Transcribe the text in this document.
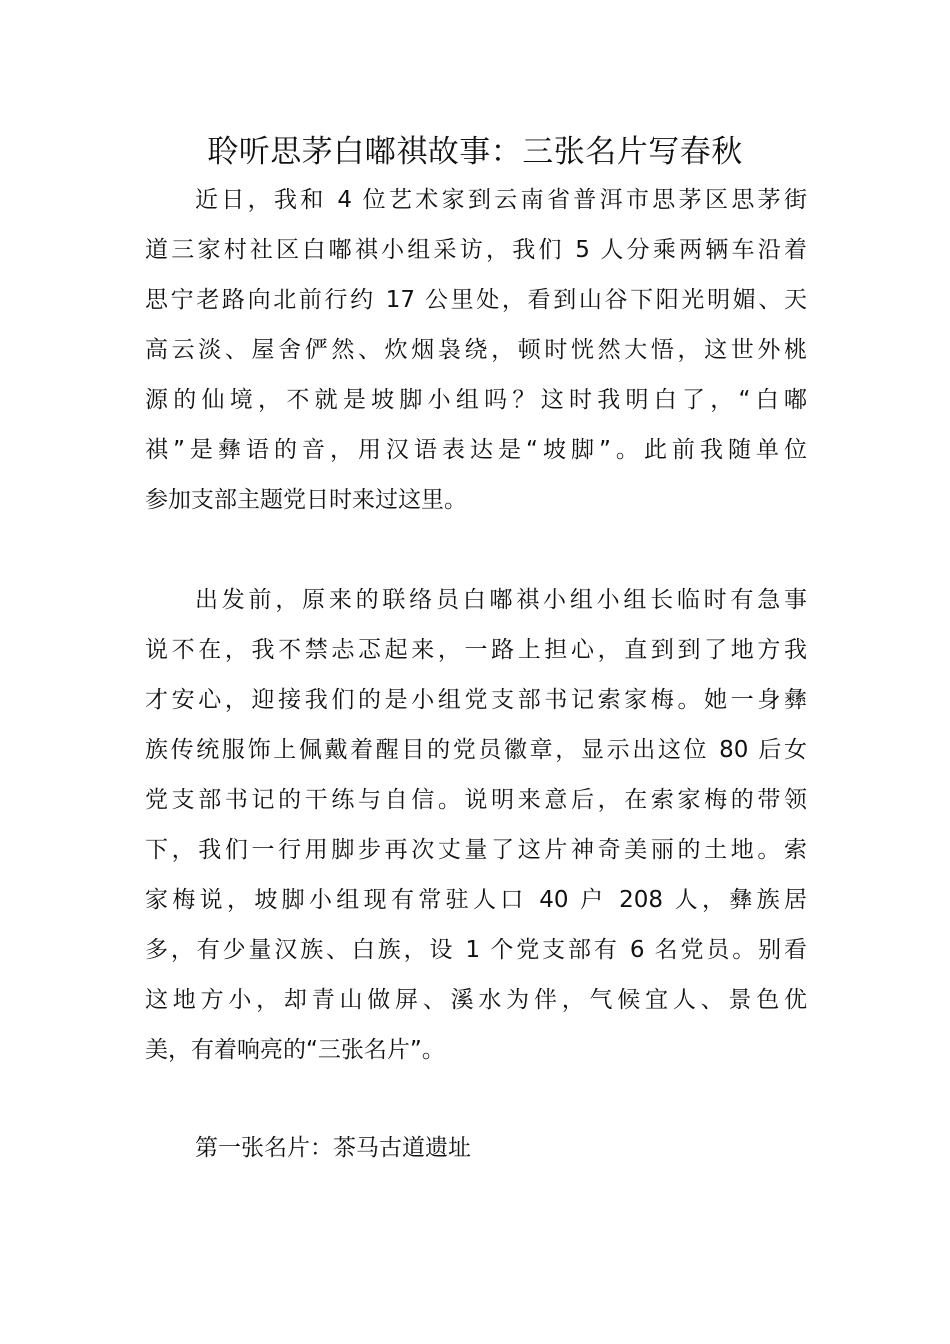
聆听思茅白嘟祺故事：三张名片写春秋
近日，我和 4 位艺术家到云南省普洱市思茅区思茅街
道三家村社区白嘟祺小组采访，我们 5 人分乘两辆车沿着
思宁老路向北前行约 17 公里处，看到山谷下阳光明媚、天
高云淡、屋舍俨然、炊烟袅绕，顿时恍然大悟，这世外桃
源的仙境，不就是坡脚小组吗？这时我明白了，“白嘟
祺”是彝语的音，用汉语表达是“坡脚”。此前我随单位
参加支部主题党日时来过这里。
出发前，原来的联络员白嘟祺小组小组长临时有急事
说不在，我不禁忐忑起来，一路上担心，直到到了地方我
才安心，迎接我们的是小组党支部书记索家梅。她一身彝
族传统服饰上佩戴着醒目的党员徽章，显示出这位 80 后女
党支部书记的干练与自信。说明来意后，在索家梅的带领
下，我们一行用脚步再次丈量了这片神奇美丽的土地。索
家梅说，坡脚小组现有常驻人口 40 户 208 人，彝族居
多，有少量汉族、白族，设 1 个党支部有 6 名党员。别看
这地方小，却青山做屏、溪水为伴，气候宜人、景色优
美，有着响亮的“三张名片”。
第一张名片：茶马古道遗址
